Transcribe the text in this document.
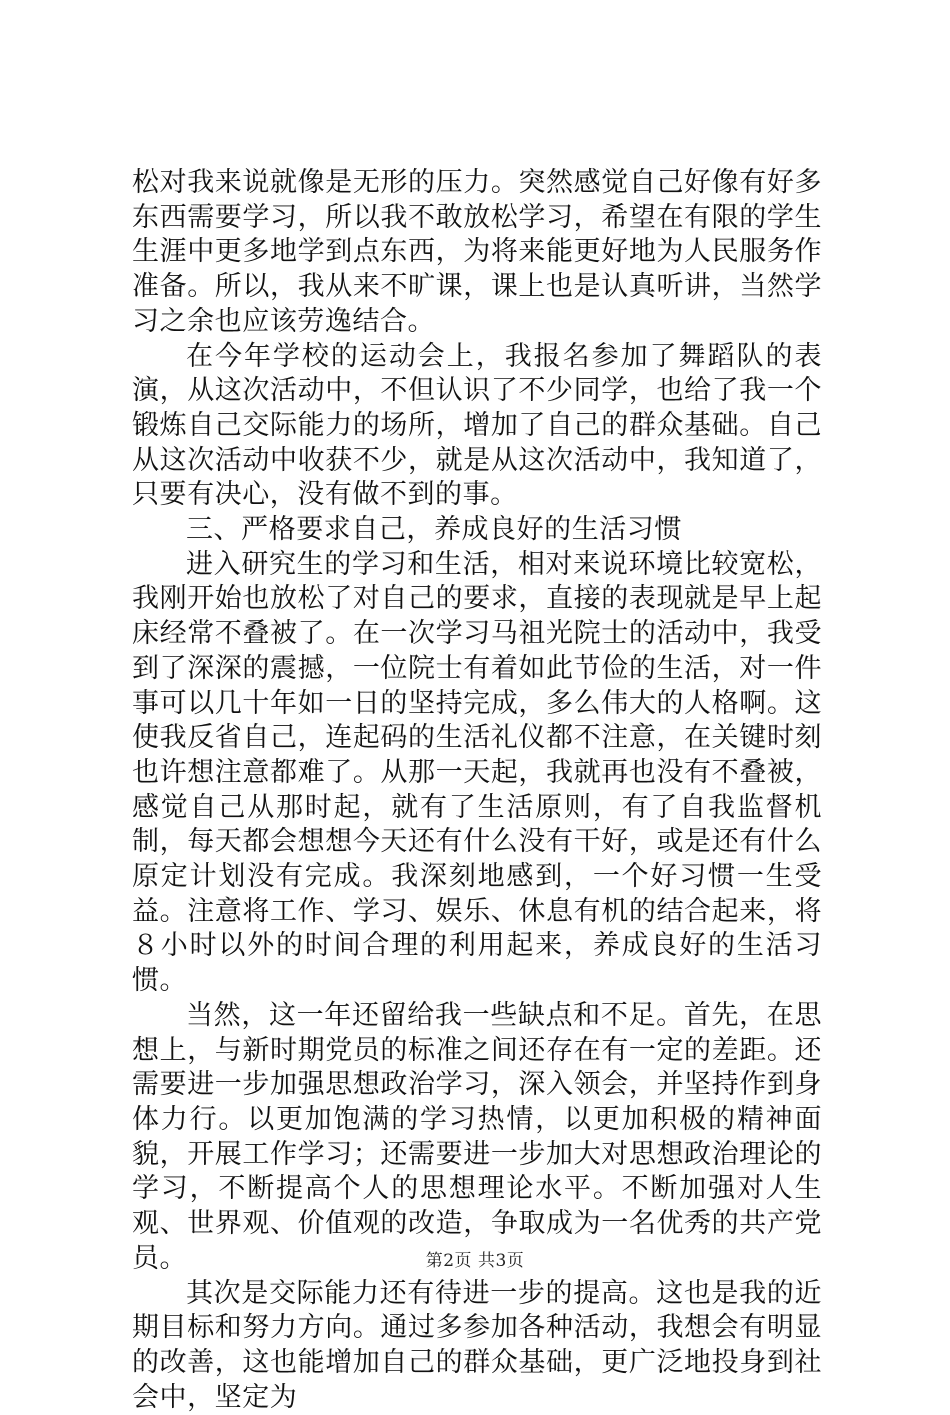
松对我来说就像是无形的压力。突然感觉自己好像有好多东西需要学习，所以我不敢放松学习，希望在有限的学生生涯中更多地学到点东西，为将来能更好地为人民服务作准备。所以，我从来不旷课，课上也是认真听讲，当然学习之余也应该劳逸结合。

在今年学校的运动会上，我报名参加了舞蹈队的表演，从这次活动中，不但认识了不少同学，也给了我一个锻炼自己交际能力的场所，增加了自己的群众基础。自己从这次活动中收获不少，就是从这次活动中，我知道了，只要有决心，没有做不到的事。

三、严格要求自己，养成良好的生活习惯

进入研究生的学习和生活，相对来说环境比较宽松，我刚开始也放松了对自己的要求，直接的表现就是早上起床经常不叠被了。在一次学习马祖光院士的活动中，我受到了深深的震撼，一位院士有着如此节俭的生活，对一件事可以几十年如一日的坚持完成，多么伟大的人格啊。这使我反省自己，连起码的生活礼仪都不注意，在关键时刻也许想注意都难了。从那一天起，我就再也没有不叠被，感觉自己从那时起，就有了生活原则，有了自我监督机制，每天都会想想今天还有什么没有干好，或是还有什么原定计划没有完成。我深刻地感到，一个好习惯一生受益。注意将工作、学习、娱乐、休息有机的结合起来，将８小时以外的时间合理的利用起来，养成良好的生活习惯。

当然，这一年还留给我一些缺点和不足。首先，在思想上，与新时期党员的标准之间还存在有一定的差距。还需要进一步加强思想政治学习，深入领会，并坚持作到身体力行。以更加饱满的学习热情，以更加积极的精神面貌，开展工作学习；还需要进一步加大对思想政治理论的学习，不断提高个人的思想理论水平。不断加强对人生观、世界观、价值观的改造，争取成为一名优秀的共产党员。

其次是交际能力还有待进一步的提高。这也是我的近期目标和努力方向。通过多参加各种活动，我想会有明显的改善，这也能增加自己的群众基础，更广泛地投身到社会中，坚定为

第2页 共3页
